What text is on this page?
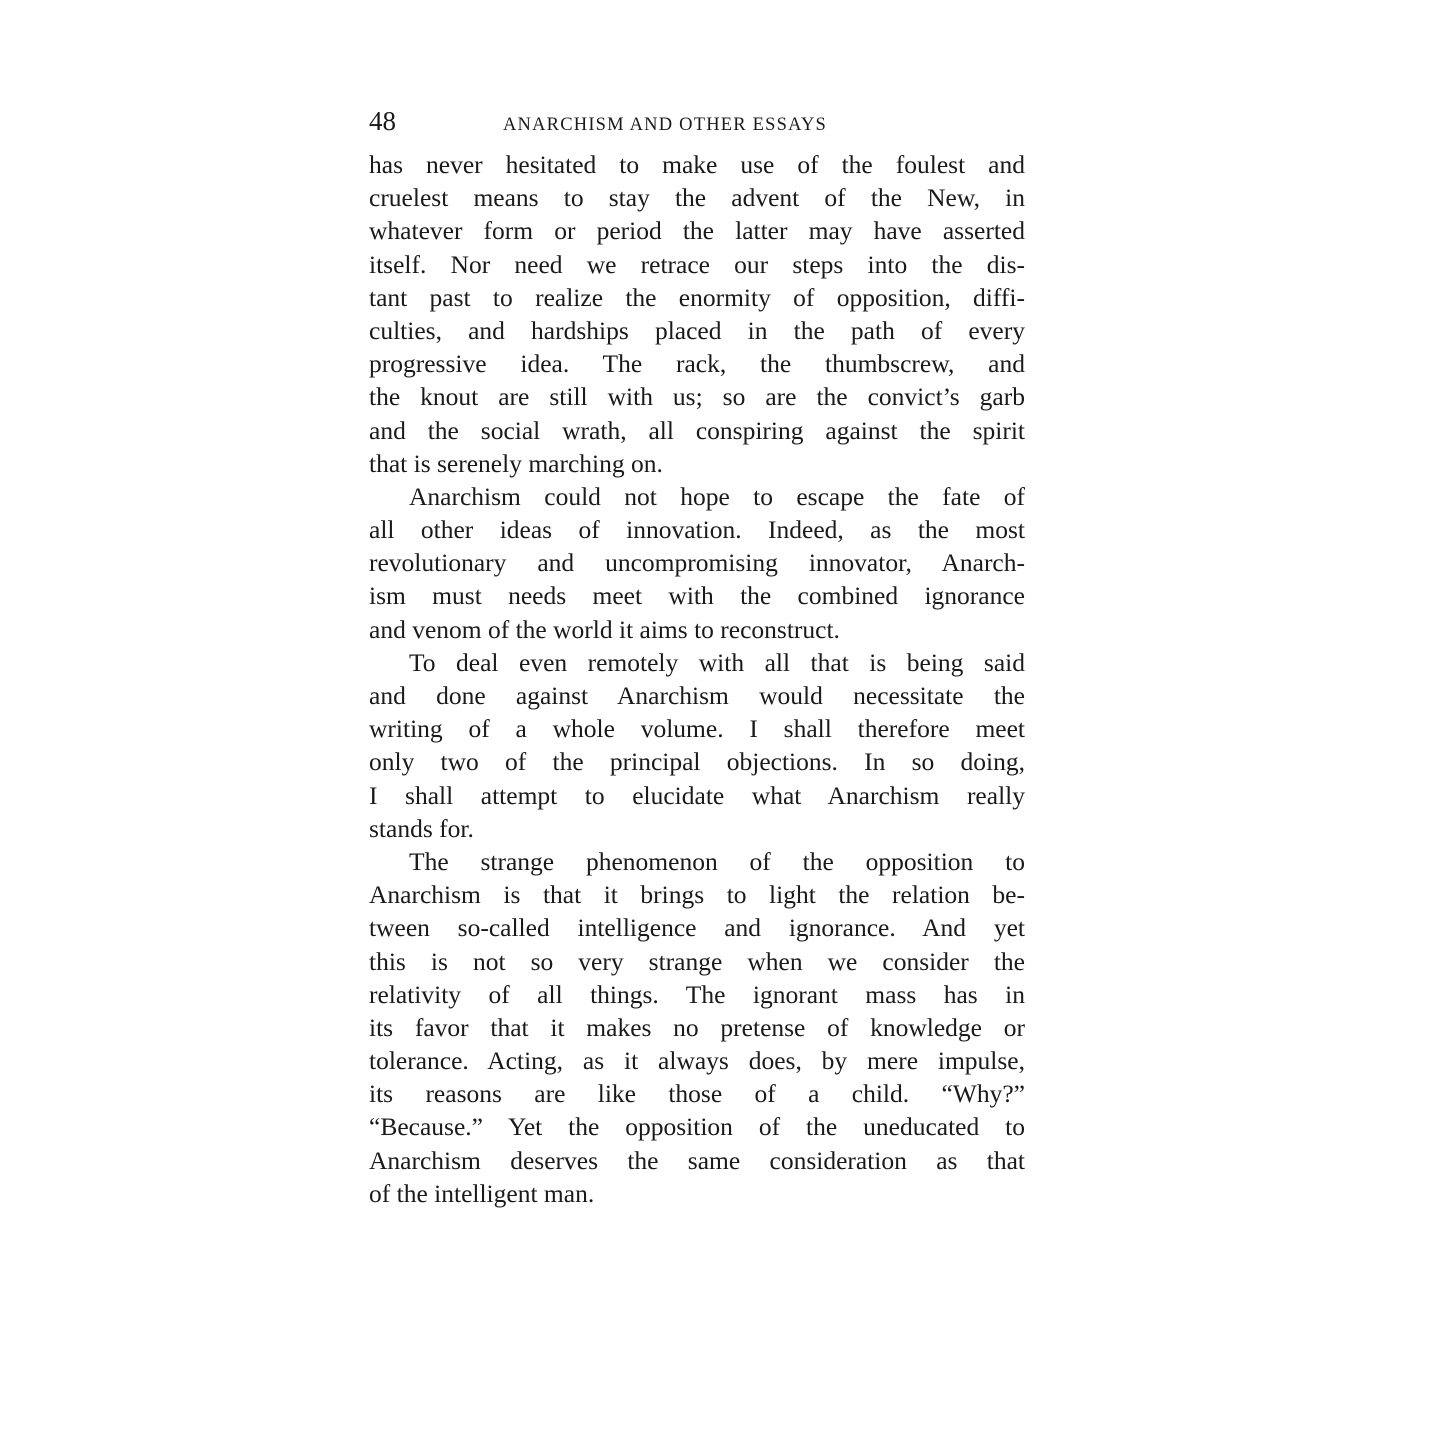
48	ANARCHISM AND OTHER ESSAYS
has never hesitated to make use of the foulest and
cruelest means to stay the advent of the New, in
whatever form or period the latter may have asserted
itself. Nor need we retrace our steps into the dis-
tant past to realize the enormity of opposition, diffi-
culties, and hardships placed in the path of every
progressive idea. The rack, the thumbscrew, and
the knout are still with us; so are the convict’s garb
and the social wrath, all conspiring against the spirit
that is serenely marching on.
Anarchism could not hope to escape the fate of
all other ideas of innovation. Indeed, as the most
revolutionary and uncompromising innovator, Anarch-
ism must needs meet with the combined ignorance
and venom of the world it aims to reconstruct.
To deal even remotely with all that is being said
and done against Anarchism would necessitate the
writing of a whole volume. I shall therefore meet
only two of the principal objections. In so doing,
I shall attempt to elucidate what Anarchism really
stands for.
The strange phenomenon of the opposition to
Anarchism is that it brings to light the relation be-
tween so-called intelligence and ignorance. And yet
this is not so very strange when we consider the
relativity of all things. The ignorant mass has in
its favor that it makes no pretense of knowledge or
tolerance. Acting, as it always does, by mere impulse,
its reasons are like those of a child. “Why?”
“Because.” Yet the opposition of the uneducated to
Anarchism deserves the same consideration as that
of the intelligent man.
